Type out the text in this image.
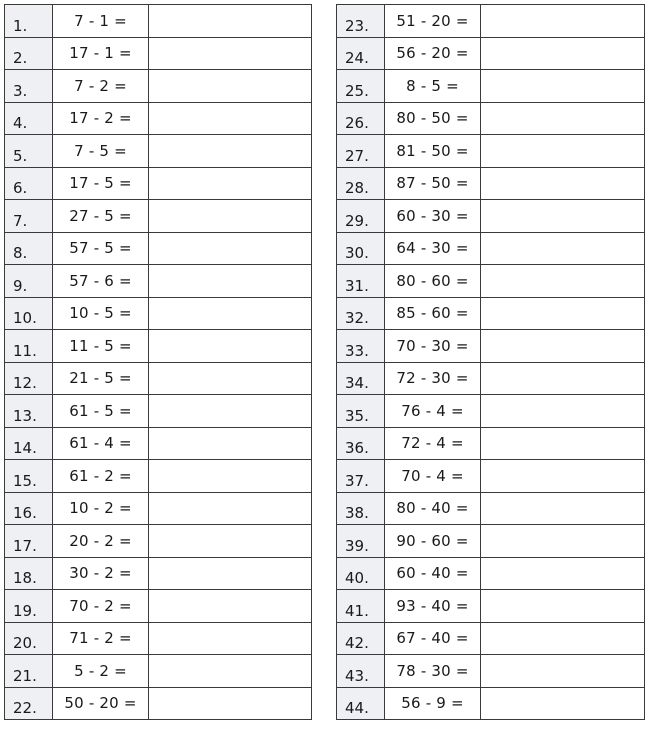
1.	7 - 1 =	
2.	17 - 1 =	
3.	7 - 2 =	
4.	17 - 2 =	
5.	7 - 5 =	
6.	17 - 5 =	
7.	27 - 5 =	
8.	57 - 5 =	
9.	57 - 6 =	
10.	10 - 5 =	
11.	11 - 5 =	
12.	21 - 5 =	
13.	61 - 5 =	
14.	61 - 4 =	
15.	61 - 2 =	
16.	10 - 2 =	
17.	20 - 2 =	
18.	30 - 2 =	
19.	70 - 2 =	
20.	71 - 2 =	
21.	5 - 2 =	
22.	50 - 20 =	
23.	51 - 20 =	
24.	56 - 20 =	
25.	8 - 5 =	
26.	80 - 50 =	
27.	81 - 50 =	
28.	87 - 50 =	
29.	60 - 30 =	
30.	64 - 30 =	
31.	80 - 60 =	
32.	85 - 60 =	
33.	70 - 30 =	
34.	72 - 30 =	
35.	76 - 4 =	
36.	72 - 4 =	
37.	70 - 4 =	
38.	80 - 40 =	
39.	90 - 60 =	
40.	60 - 40 =	
41.	93 - 40 =	
42.	67 - 40 =	
43.	78 - 30 =	
44.	56 - 9 =	
